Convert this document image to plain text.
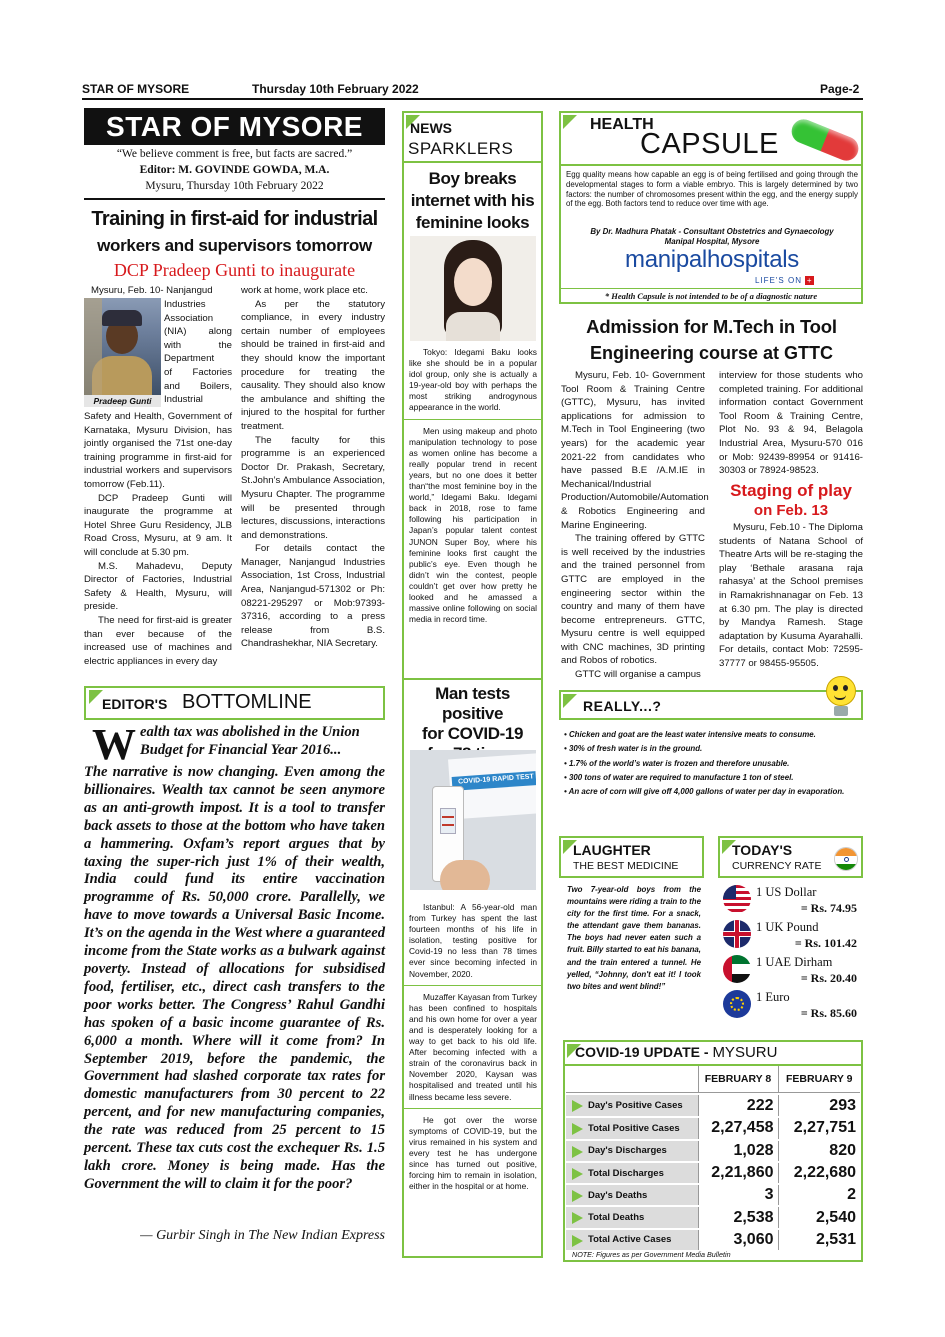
STAR OF MYSORE	Thursday 10th February 2022	Page-2
STAR OF MYSORE
“We believe comment is free, but facts are sacred.”
Editor: M. GOVINDE GOWDA, M.A.
Mysuru, Thursday 10th February 2022
Training in first-aid for industrial
workers and supervisors tomorrow
DCP Pradeep Gunti to inaugurate
Pradeep Gunti
Mysuru, Feb. 10- Nanjangud
Industries
Association
(NIA) along
with the
Department
of Factories
and Boilers,
Industrial

Safety and Health, Government of Karnataka, Mysuru Division, has jointly organised the 71st one-day training programme in first-aid for industrial workers and supervisors tomorrow (Feb.11).

DCP Pradeep Gunti will inaugurate the programme at Hotel Shree Guru Residency, JLB Road Cross, Mysuru, at 9 am. It will conclude at 5.30 pm.

M.S. Mahadevu, Deputy Director of Factories, Industrial Safety & Health, Mysuru, will preside.

The need for first-aid is greater than ever because of the increased use of machines and electric appliances in every day

work at home, work place etc.

As per the statutory compliance, in every industry certain number of employees should be trained in first-aid and they should know the important procedure for treating the causality. They should also know the ambulance and shifting the injured to the hospital for further treatment.

The faculty for this programme is an experienced Doctor Dr. Prakash, Secretary, St.John’s Ambulance Association, Mysuru Chapter. The programme will be presented through lectures, discussions, interactions and demonstrations.

For details contact the Manager, Nanjangud Industries Association, 1st Cross, Industrial Area, Nanjangud-571302 or Ph: 08221-295297 or Mob:97393-37316, according to a press release from B.S. Chandrashekhar, NIA Secretary.

EDITOR'S BOTTOMLINE
W ealth tax was abolished in the Union
Budget for Financial Year 2016...

The narrative is now changing. Even among the billionaires. Wealth tax cannot be seen anymore as an anti-growth impost. It is a tool to transfer back assets to those at the bottom who have taken a hammering. Oxfam’s report argues that by taxing the super-rich just 1% of their wealth, India could fund its entire vaccination programme of Rs. 50,000 crore. Parallelly, we have to move towards a Universal Basic Income. It’s on the agenda in the West where a guaranteed income from the State works as a bulwark against poverty. Instead of allocations for subsidised food, fertiliser, etc., direct cash transfers to the poor works better. The Congress’ Rahul Gandhi has spoken of a basic income guarantee of Rs. 6,000 a month. Where will it come from? In September 2019, before the pandemic, the Government had slashed corporate tax rates for domestic manufacturers from 30 percent to 22 percent, and for new manufacturing companies, the rate was reduced from 25 percent to 15 percent. These tax cuts cost the exchequer Rs. 1.5 lakh crore. Money is being made. Has the Government the will to claim it for the poor?

— Gurbir Singh in The New Indian Express
NEWS
SPARKLERS
Boy breaks
internet with his
feminine looks

Tokyo: Idegami Baku looks like she should be in a popular idol group, only she is actually a 19-year-old boy with perhaps the most striking androgynous appearance in the world.

Men using makeup and photo manipulation technology to pose as women online has become a really popular trend in recent years, but no one does it better than“the most feminine boy in the world,” Idegami Baku. Idegami back in 2018, rose to fame following his participation in Japan’s popular talent contest JUNON Super Boy, where his feminine looks first caught the public’s eye. Even though he didn’t win the contest, people couldn’t get over how pretty he looked and he amassed a massive online following on social media in record time.

Man tests positive
for COVID-19
COVID-19 RAPID TEST

Istanbul: A 56-year-old man from Turkey has spent the last fourteen months of his life in isolation, testing positive for Covid-19 no less than 78 times ever since becoming infected in November, 2020.

Muzaffer Kayasan from Turkey has been confined to hospitals and his own home for over a year and is desperately looking for a way to get back to his old life. After becoming infected with a strain of the coronavirus back in November 2020, Kaysan was hospitalised and treated until his illness became less severe.

He got over the worse symptoms of COVID-19, but the virus remained in his system and every test he has undergone since has turned out positive, forcing him to remain in isolation, either in the hospital or at home.

HEALTH
CAPSULE
Egg quality means how capable an egg is of being fertilised and going through the developmental stages to form a viable embryo. This is largely determined by two factors: the number of chromosomes present within the egg, and the energy supply of the egg. Both factors tend to reduce over time with age.
By Dr. Madhura Phatak - Consultant Obstetrics and Gynaecology
Manipal Hospital, Mysore
manipalhospitals
LIFE'S ON +
* Health Capsule is not intended to be of a diagnostic nature
Admission for M.Tech in Tool
Engineering course at GTTC

Mysuru, Feb. 10- Government Tool Room & Training Centre (GTTC), Mysuru, has invited applications for admission to M.Tech in Tool Engineering (two years) for the academic year 2021-22 from candidates who have passed B.E /A.M.IE in Mechanical/Industrial Production/Automobile/Automation & Robotics Engineering and Marine Engineering.

The training offered by GTTC is well received by the industries and the trained personnel from GTTC are employed in the engineering sector within the country and many of them have become entrepreneurs. GTTC, Mysuru centre is well equipped with CNC machines, 3D printing and Robos of robotics.

GTTC will organise a campus

interview for those students who completed training. For additional information contact Government Tool Room & Training Centre, Plot No. 93 & 94, Belagola Industrial Area, Mysuru-570 016 or Mob: 92439-89954 or 91416-30303 or 78924-98523.

Staging of play
on Feb. 13

Mysuru, Feb.10 - The Diploma students of Natana School of Theatre Arts will be re-staging the play ‘Bethale arasana raja rahasya’ at the School premises in Ramakrishnanagar on Feb. 13 at 6.30 pm. The play is directed by Mandya Ramesh. Stage adaptation by Kusuma Ayarahalli. For details, contact Mob: 72595-37777 or 98455-95505.

REALLY...?
• Chicken and goat are the least water intensive meats to consume.
• 30% of fresh water is in the ground.
• 1.7% of the world’s water is frozen and therefore unusable.
• 300 tons of water are required to manufacture 1 ton of steel.
• An acre of corn will give off 4,000 gallons of water per day in evaporation.
LAUGHTER
THE BEST MEDICINE
Two 7-year-old boys from the mountains were riding a train to the city for the first time. For a snack, the attendant gave them bananas. The boys had never eaten such a fruit. Billy started to eat his banana, and the train entered a tunnel. He yelled, “Johnny, don't eat it! I took two bites and went blind!”
TODAY'S
CURRENCY RATE
1 US Dollar
= Rs. 74.95
1 UK Pound
= Rs. 101.42
1 UAE Dirham
= Rs. 20.40
1 Euro
= Rs. 85.60
COVID-19 UPDATE - MYSURU
	FEBRUARY 8	FEBRUARY 9

Day's Positive Cases	222	293

Total Positive Cases	2,27,458	2,27,751

Day's Discharges	1,028	820

Total Discharges	2,21,860	2,22,680

Day's Deaths	3	2

Total Deaths	2,538	2,540

Total Active Cases	3,060	2,531
NOTE: Figures as per Government Media Bulletin
